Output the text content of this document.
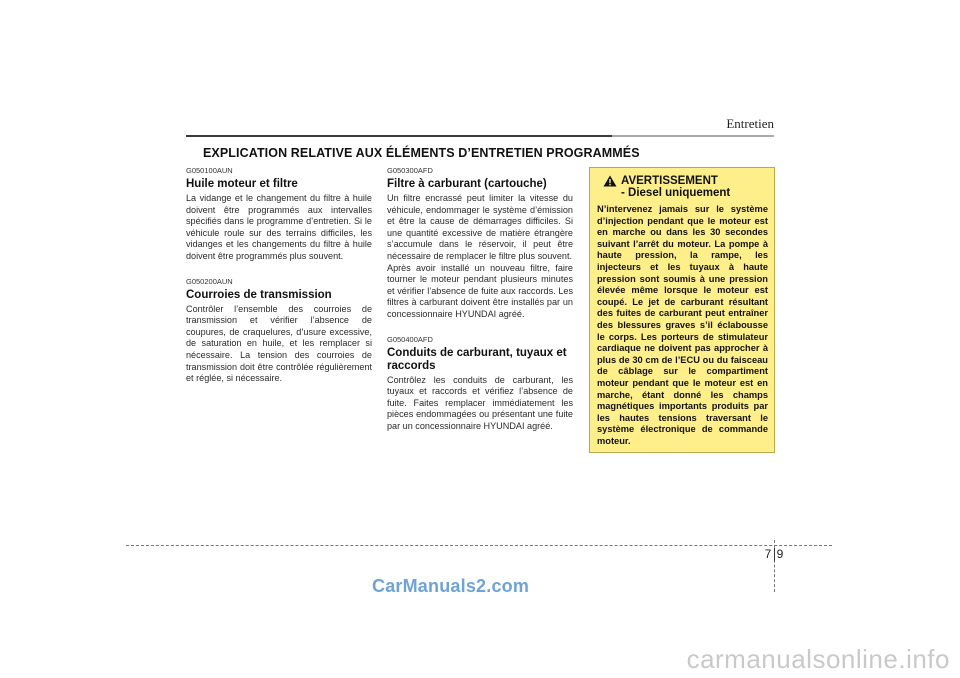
Entretien
EXPLICATION RELATIVE AUX ÉLÉMENTS D’ENTRETIEN PROGRAMMÉS
G050100AUN
Huile moteur et filtre

La vidange et le changement du filtre à huile doivent être programmés aux intervalles spécifiés dans le programme d’entretien. Si le véhicule roule sur des terrains difficiles, les vidanges et les changements du filtre à huile doivent être programmés plus souvent.

G050200AUN
Courroies de transmission

Contrôler l’ensemble des courroies de transmission et vérifier l’absence de coupures, de craquelures, d’usure excessive, de saturation en huile, et les remplacer si nécessaire. La tension des courroies de transmission doit être contrôlée régulièrement et réglée, si nécessaire.

G050300AFD
Filtre à carburant (cartouche)

Un filtre encrassé peut limiter la vitesse du véhicule, endommager le système d’émission et être la cause de démarrages difficiles. Si une quantité excessive de matière étrangère s’accumule dans le réservoir, il peut être nécessaire de remplacer le filtre plus souvent.

Après avoir installé un nouveau filtre, faire tourner le moteur pendant plusieurs minutes et vérifier l’absence de fuite aux raccords. Les filtres à carburant doivent être installés par un concessionnaire HYUNDAI agréé.

G050400AFD
Conduits de carburant, tuyaux et raccords

Contrôlez les conduits de carburant, les tuyaux et raccords et vérifiez l’absence de fuite. Faites remplacer immédiatement les pièces endommagées ou présentant une fuite par un concessionnaire HYUNDAI agréé.

AVERTISSEMENT
- Diesel uniquement
N’intervenez jamais sur le système d’injection pendant que le moteur est en marche ou dans les 30 secondes suivant l’arrêt du moteur. La pompe à haute pression, la rampe, les injecteurs et les tuyaux à haute pression sont soumis à une pression élevée même lorsque le moteur est coupé. Le jet de carburant résultant des fuites de carburant peut entraîner des blessures graves s’il éclabousse le corps. Les porteurs de stimulateur cardiaque ne doivent pas approcher à plus de 30 cm de l’ECU ou du faisceau de câblage sur le compartiment moteur pendant que le moteur est en marche, étant donné les champs magnétiques importants produits par les hautes tensions traversant le système électronique de commande moteur.
7 9
CarManuals2.com
carmanualsonline.info
